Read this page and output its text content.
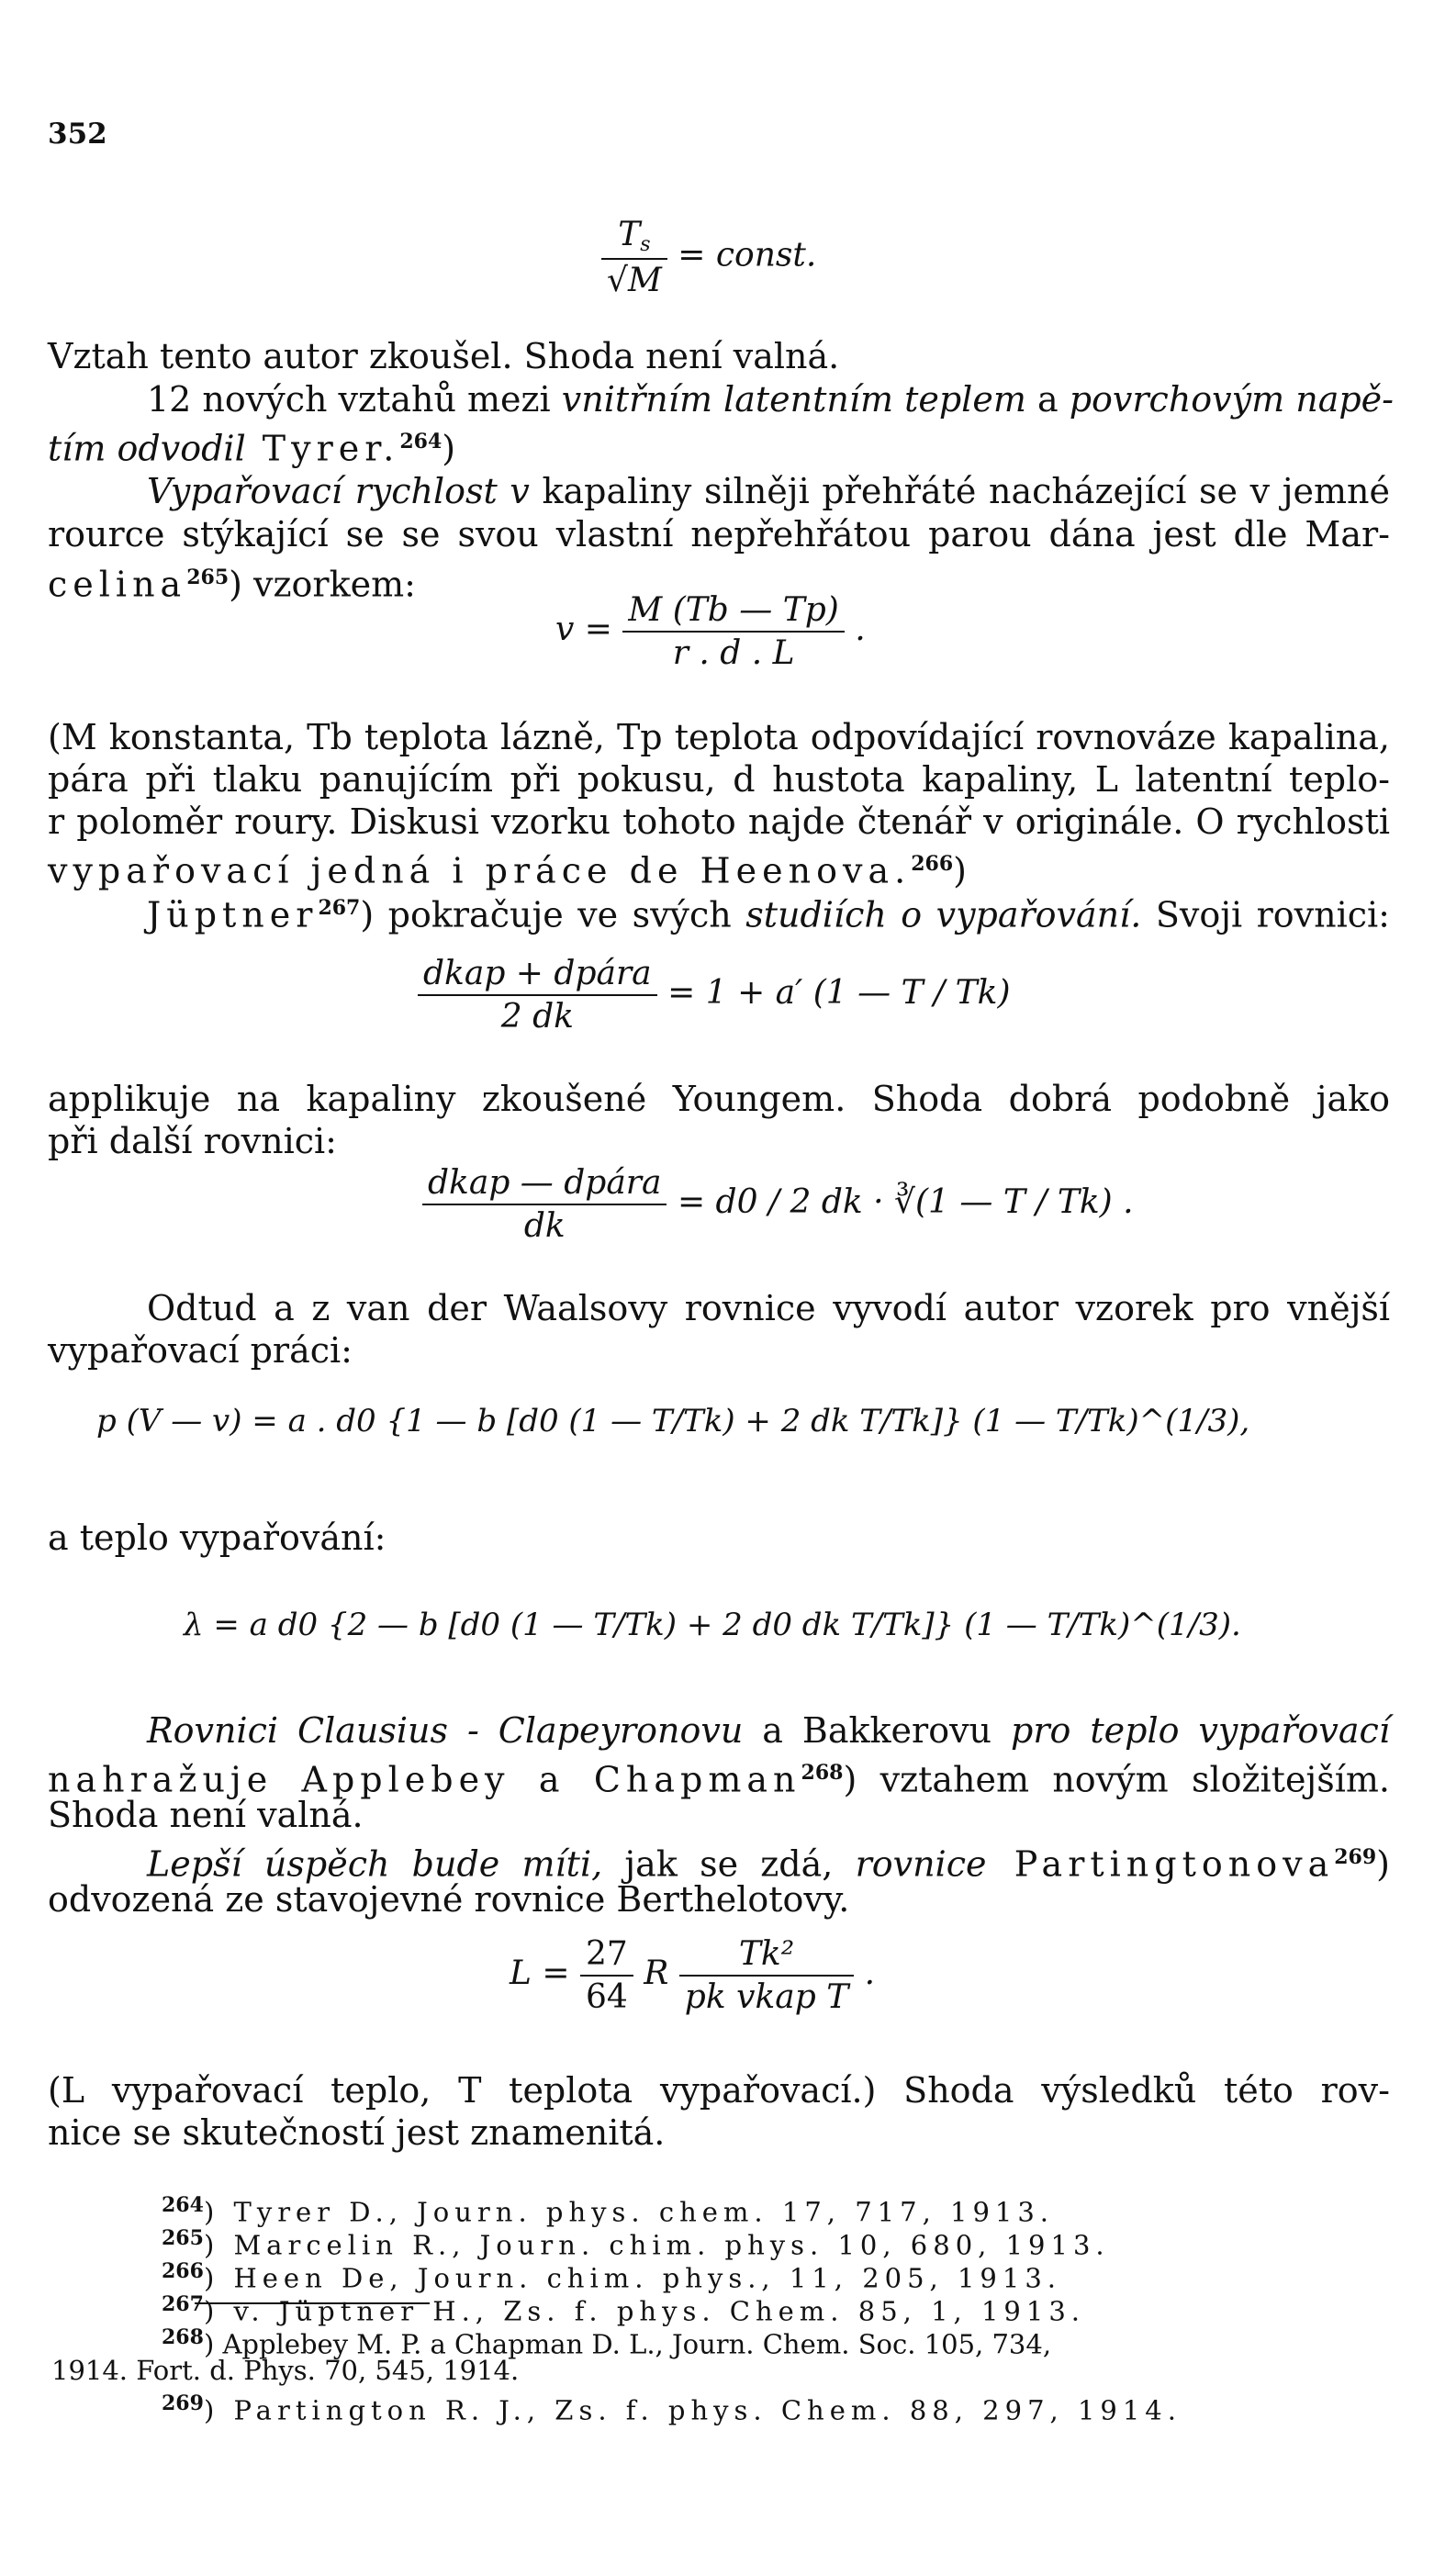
352
$\frac{T_s}{√M}$ = const.
Vztah tento autor zkoušel. Shoda není valná.
12 nových vztahů mezi vnitřním latentním teplem a povrchovým napě-
tím odvodil Tyrer.$^{264}$)
Vypařovací rychlost v kapaliny silněji přehřáté nacházející se v jemné
rource stýkající se se svou vlastní nepřehřátou parou dána jest dle Mar-
celina$^{265}$) vzorkem:
$v = \frac{M (Tb — Tp)}{r . d . L}$ .
(M konstanta, Tb teplota lázně, Tp teplota odpovídající rovnováze kapalina,
pára při tlaku panujícím při pokusu, d hustota kapaliny, L latentní teplo-
r poloměr roury. Diskusi vzorku tohoto najde čtenář v originále. O rychlosti
vypařovací jedná i práce de Heenova.$^{266}$)
Jüptner$^{267}$) pokračuje ve svých studiích o vypařování. Svoji rovnici:
$\frac{\text{dkap + dpára}}{2 dk} = 1 + a'$ (1 — T / Tk)
applikuje na kapaliny zkoušené Youngem. Shoda dobrá podobně jako
při další rovnici:
$\frac{\text{dkap — dpára}}{dk} = d0 / 2$ dk · ∛(1 — T / Tk) .
Odtud a z van der Waalsovy rovnice vyvodí autor vzorek pro vnější
vypařovací práci:
p (V — v) = a . d0 {1 — b [d0 (1 — T/Tk) + 2 dk T/Tk]} (1 — T/Tk)^(1/3),
a teplo vypařování:
λ = a d0 {2 — b [d0 (1 — T/Tk) + 2 d0 dk T/Tk]} (1 — T/Tk)^(1/3).
Rovnici Clausius - Clapeyronovu a Bakkerovu pro teplo vypařovací
nahražuje Applebey a Chapman$^{268}$) vztahem novým složitejším.
Shoda není valná.
Lepší úspěch bude míti, jak se zdá, rovnice Partingtonova$^{269}$)
odvozená ze stavojevné rovnice Berthelotovy.
$L = \frac{27}{64}$ R $\frac{\text{Tk²}}{\text{pk vkap T}}$ .
(L vypařovací teplo, T teplota vypařovací.) Shoda výsledků této rov-
nice se skutečností jest znamenitá.
$^{264}$) Tyrer D., Journ. phys. chem. 17, 717, 1913.
$^{265}$) Marcelin R., Journ. chim. phys. 10, 680, 1913.
$^{266}$) Heen De, Journ. chim. phys., 11, 205, 1913.
$^{267}$) v. Jüptner H., Zs. f. phys. Chem. 85, 1, 1913.
$^{268}$) Applebey M. P. a Chapman D. L., Journ. Chem. Soc. 105, 734,
1914. Fort. d. Phys. 70, 545, 1914.
$^{269}$) Partington R. J., Zs. f. phys. Chem. 88, 297, 1914.
